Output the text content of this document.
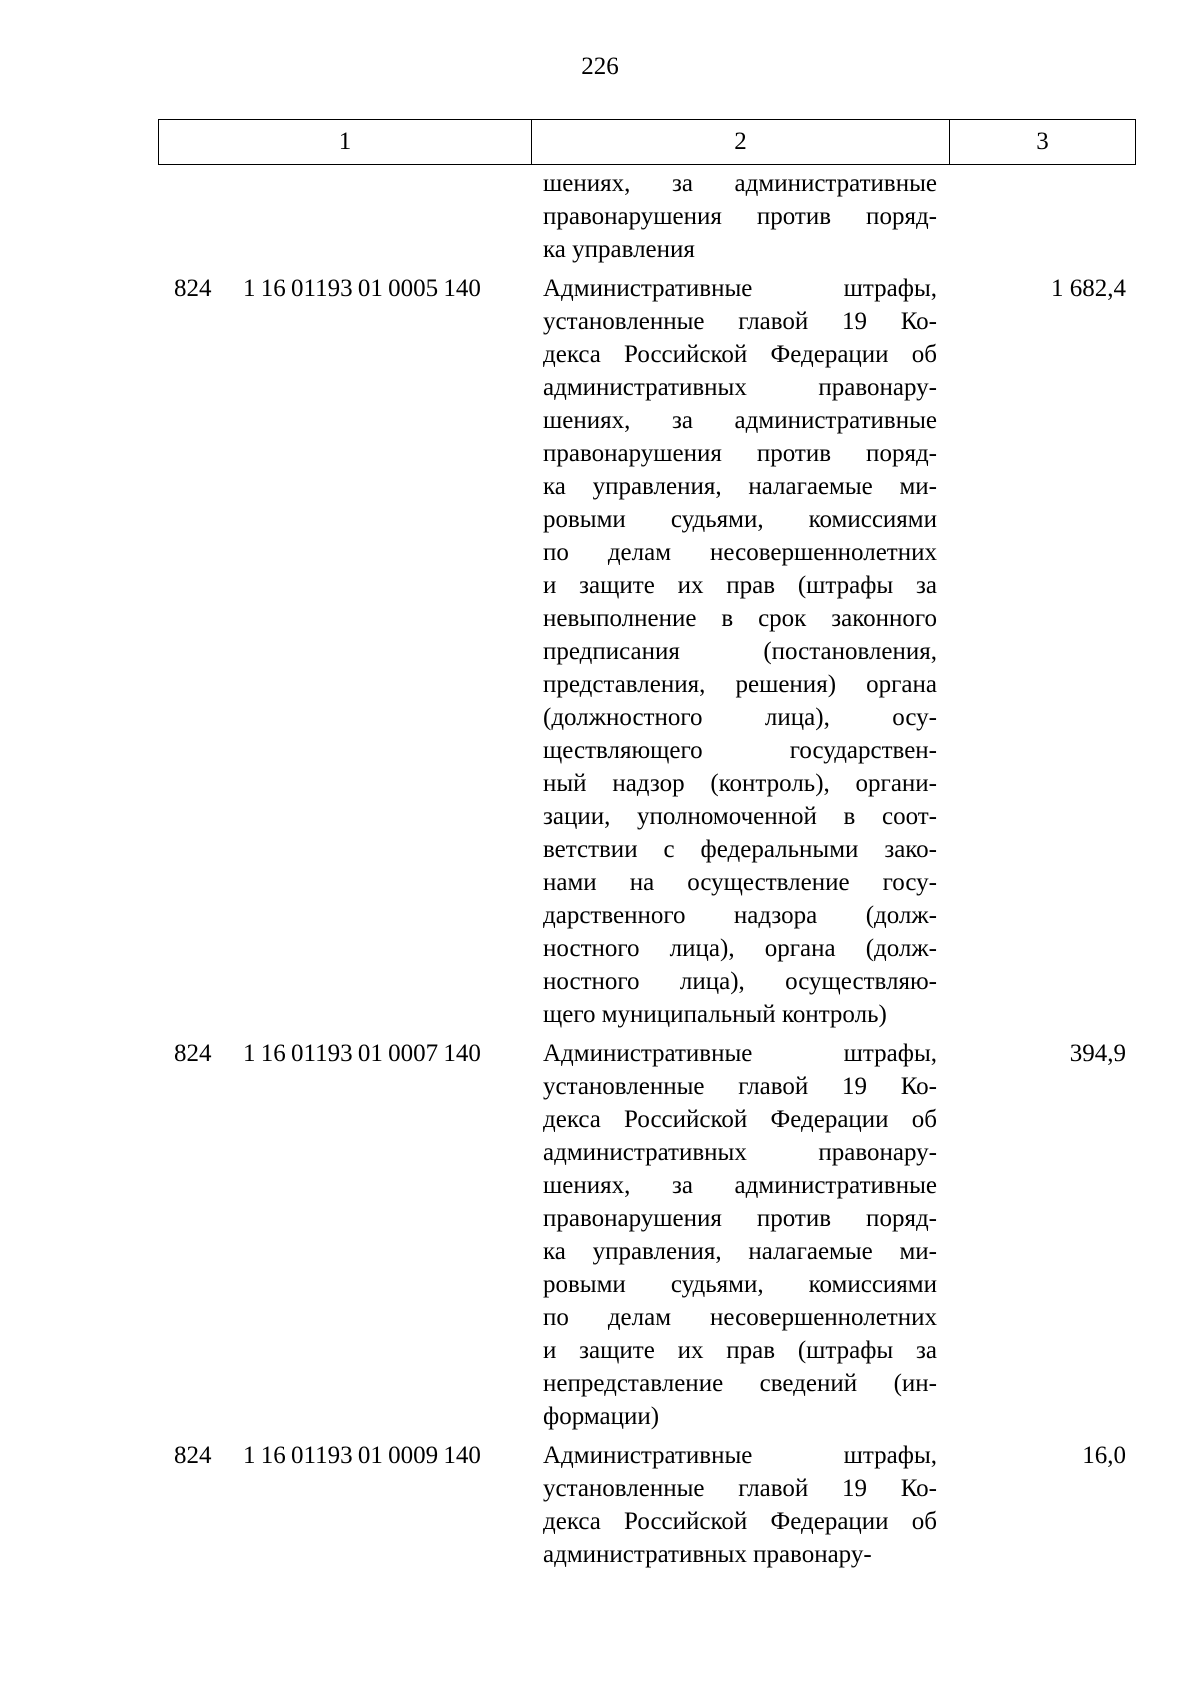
226
1	2	3
шениях, за административные
правонарушения против поряд-
ка управления
824 1 16 01193 01 0005 140 Административные штрафы,
установленные главой 19 Ко-
декса Российской Федерации об
административных правонару-
шениях, за административные
правонарушения против поряд-
ка управления, налагаемые ми-
ровыми судьями, комиссиями
по делам несовершеннолетних
и защите их прав (штрафы за
невыполнение в срок законного
предписания (постановления,
представления, решения) органа
(должностного лица), осу-
ществляющего государствен-
ный надзор (контроль), органи-
зации, уполномоченной в соот-
ветствии с федеральными зако-
нами на осуществление госу-
дарственного надзора (долж-
ностного лица), органа (долж-
ностного лица), осуществляю-
щего муниципальный контроль)
1 682,4
824 1 16 01193 01 0007 140 Административные штрафы,
установленные главой 19 Ко-
декса Российской Федерации об
административных правонару-
шениях, за административные
правонарушения против поряд-
ка управления, налагаемые ми-
ровыми судьями, комиссиями
по делам несовершеннолетних
и защите их прав (штрафы за
непредставление сведений (ин-
формации)
394,9
824 1 16 01193 01 0009 140 Административные штрафы,
установленные главой 19 Ко-
декса Российской Федерации об
административных правонару-
16,0
